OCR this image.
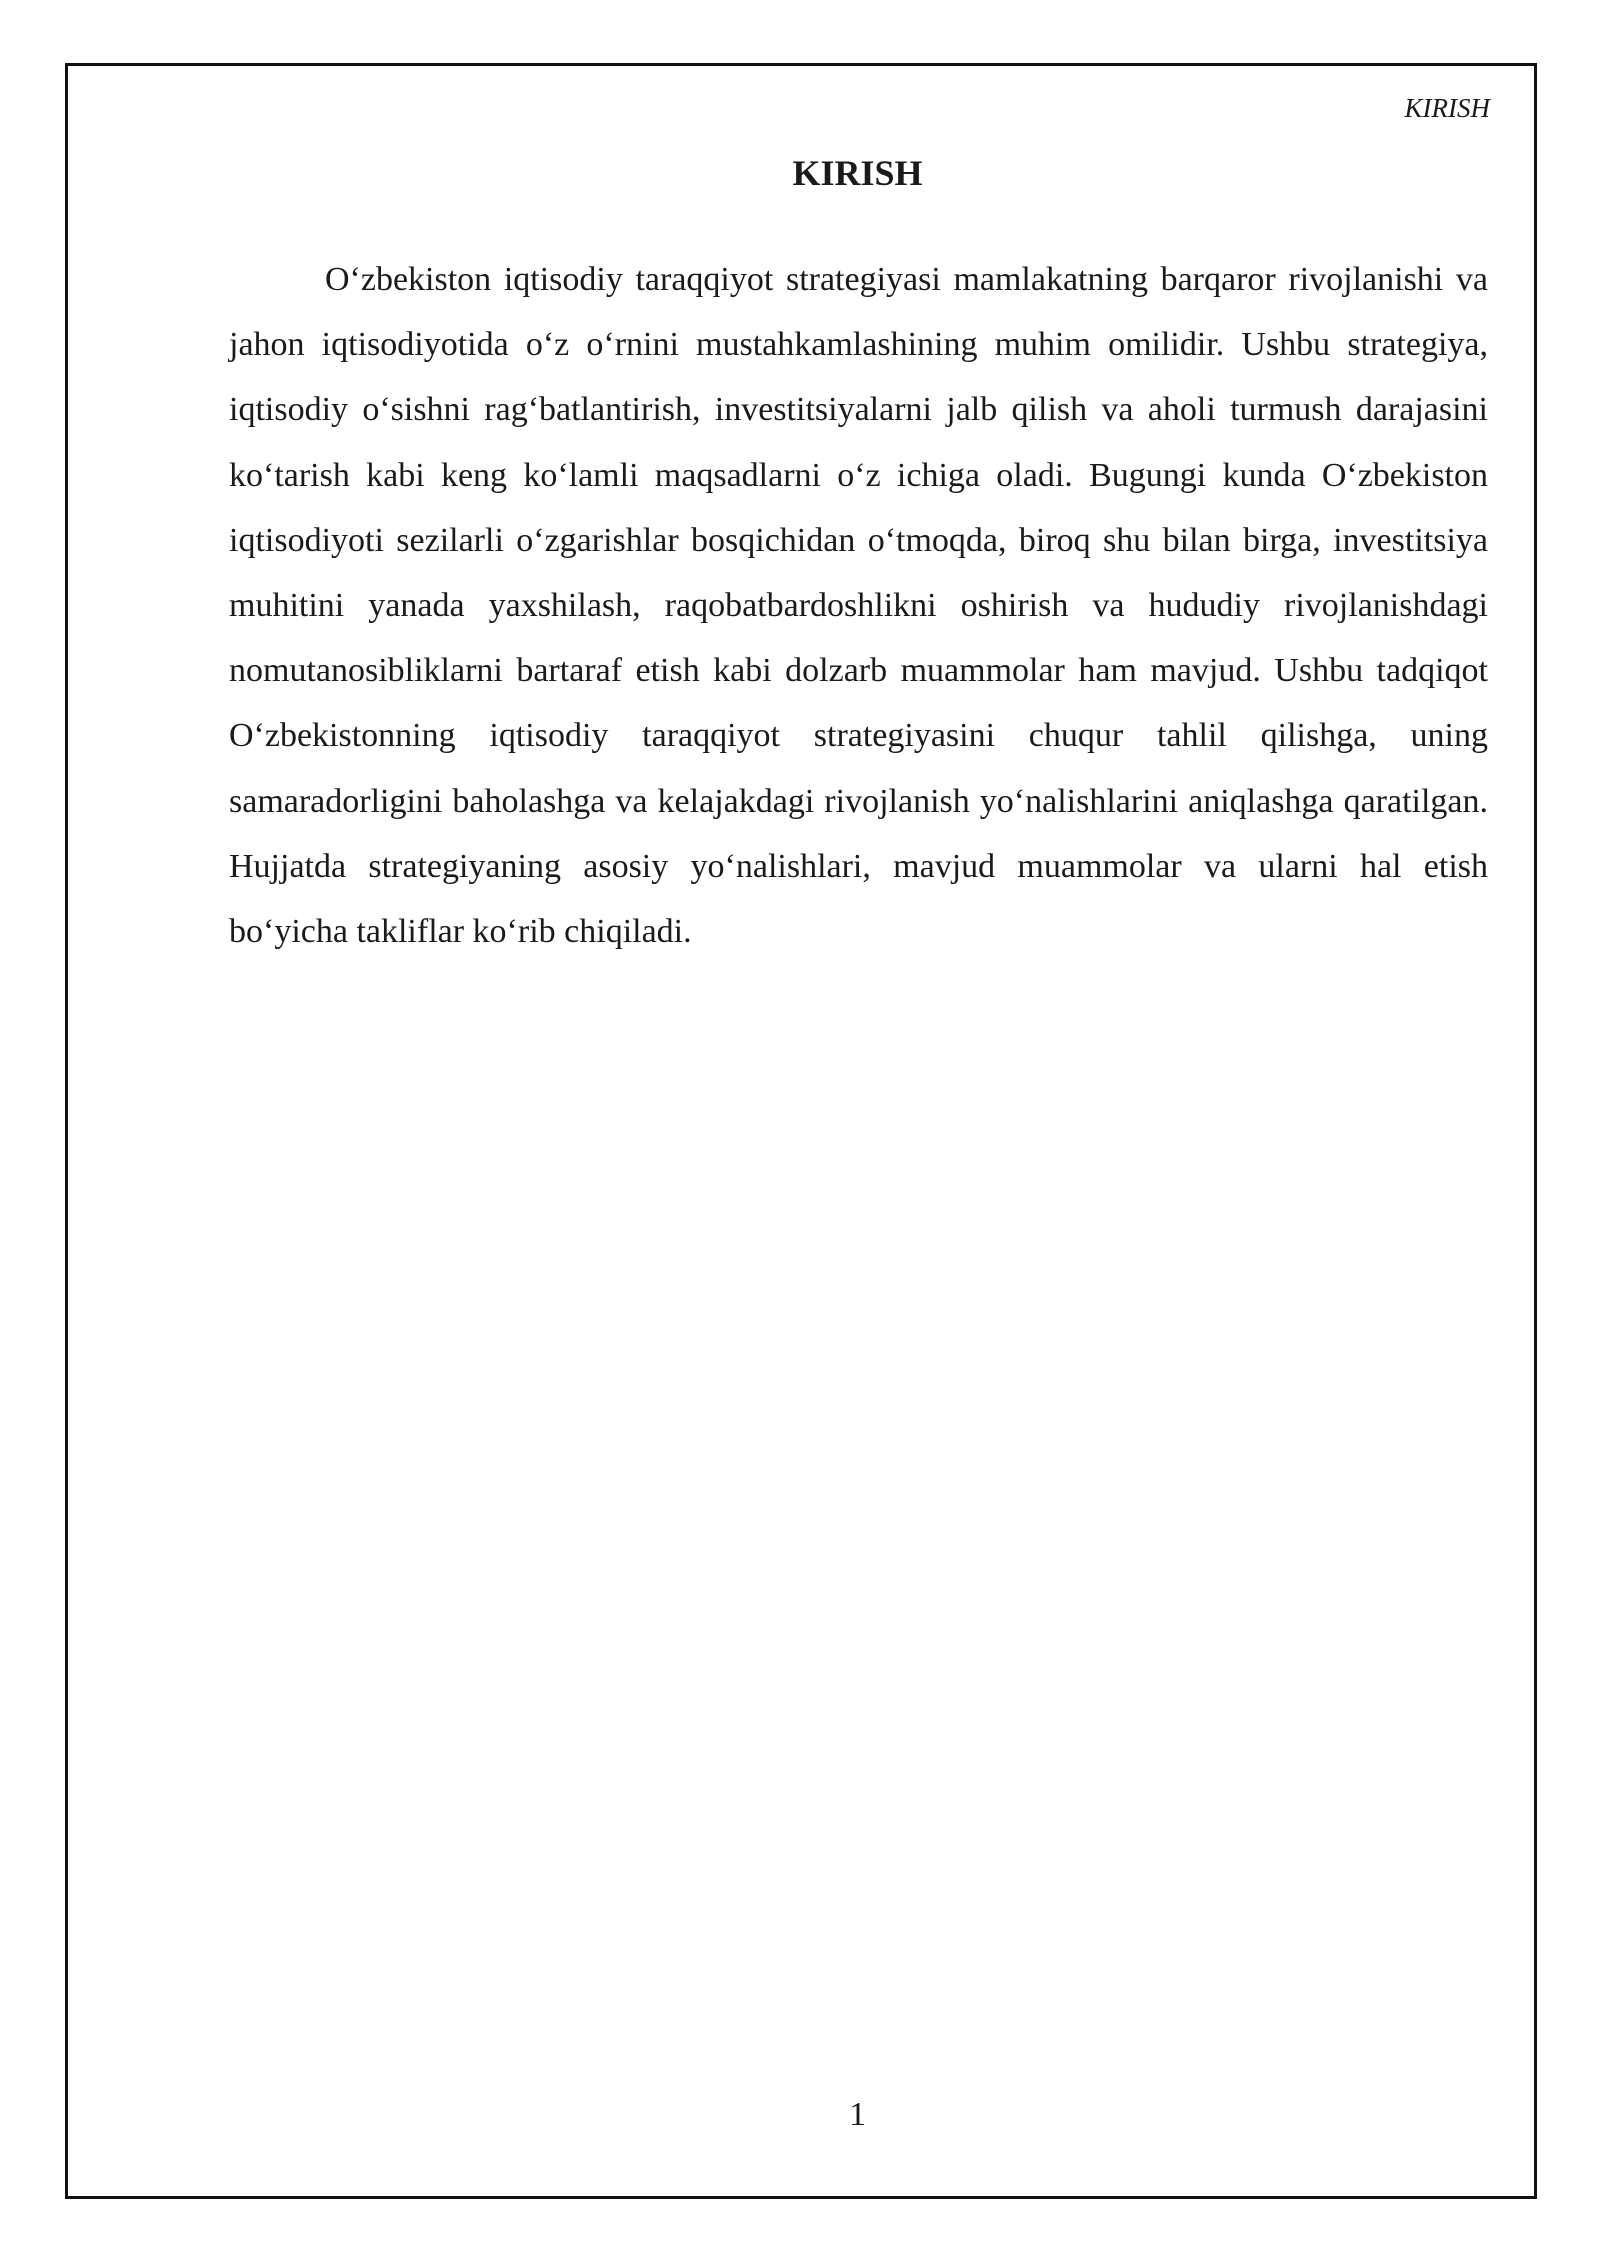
KIRISH
KIRISH

O‘zbekiston iqtisodiy taraqqiyot strategiyasi mamlakatning barqaror rivojlanishi va jahon iqtisodiyotida o‘z o‘rnini mustahkamlashining muhim omilidir. Ushbu strategiya, iqtisodiy o‘sishni rag‘batlantirish, investitsiyalarni jalb qilish va aholi turmush darajasini ko‘tarish kabi keng ko‘lamli maqsadlarni o‘z ichiga oladi. Bugungi kunda O‘zbekiston iqtisodiyoti sezilarli o‘zgarishlar bosqichidan o‘tmoqda, biroq shu bilan birga, investitsiya muhitini yanada yaxshilash, raqobatbardoshlikni oshirish va hududiy rivojlanishdagi nomutanosibliklarni bartaraf etish kabi dolzarb muammolar ham mavjud. Ushbu tadqiqot O‘zbekistonning iqtisodiy taraqqiyot strategiyasini chuqur tahlil qilishga, uning samaradorligini baholashga va kelajakdagi rivojlanish yo‘nalishlarini aniqlashga qaratilgan. Hujjatda strategiyaning asosiy yo‘nalishlari, mavjud muammolar va ularni hal etish bo‘yicha takliflar ko‘rib chiqiladi.

1
